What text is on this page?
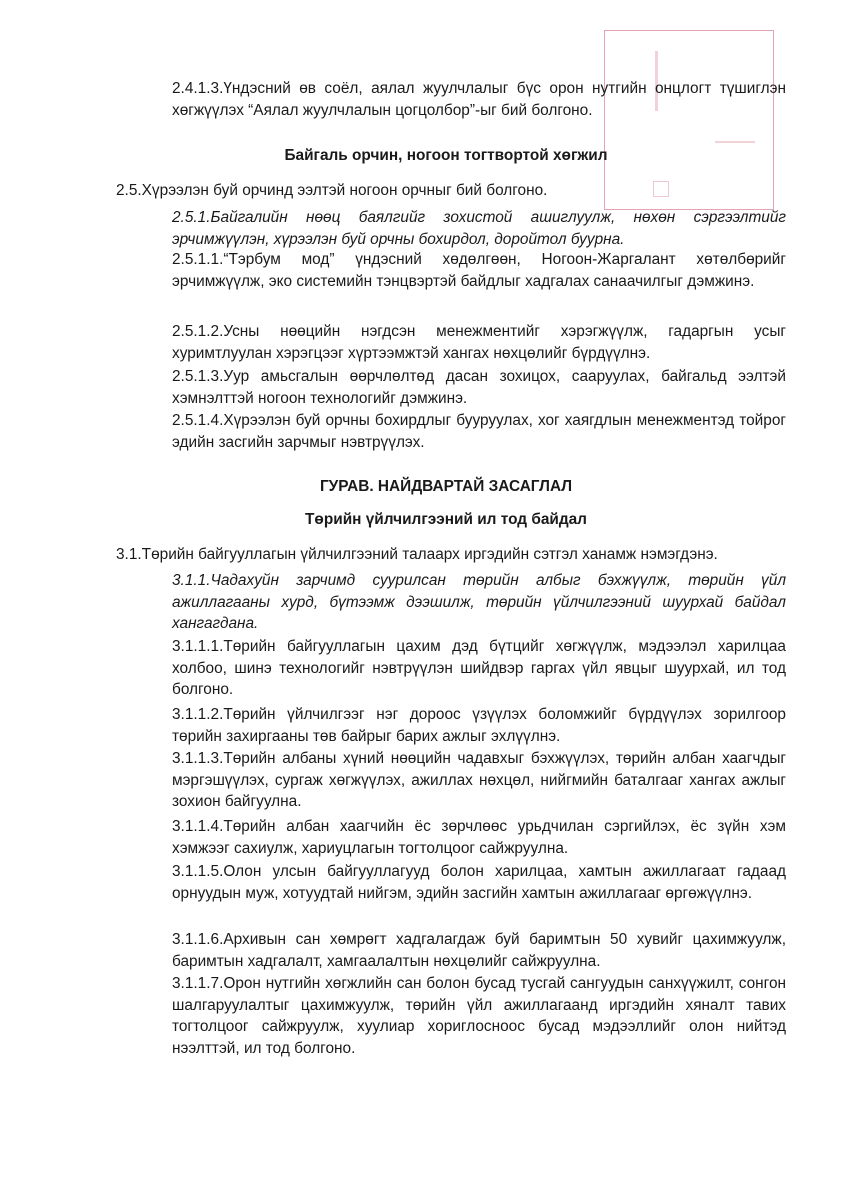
2.4.1.3.Үндэсний өв соёл, аялал жуулчлалыг бүс орон нутгийн онцлогт түшиглэн хөгжүүлэх “Аялал жуулчлалын цогцолбор”-ыг бий болгоно.
Байгаль орчин, ногоон тогтвортой хөгжил
2.5.Хүрээлэн буй орчинд ээлтэй ногоон орчныг бий болгоно.
2.5.1.Байгалийн нөөц баялгийг зохистой ашиглуулж, нөхөн сэргээлтийг эрчимжүүлэн, хүрээлэн буй орчны бохирдол, доройтол буурна.
2.5.1.1.“Тэрбум мод” үндэсний хөдөлгөөн, Ногоон-Жаргалант хөтөлбөрийг эрчимжүүлж, эко системийн тэнцвэртэй байдлыг хадгалах санаачилгыг дэмжинэ.
2.5.1.2.Усны нөөцийн нэгдсэн менежментийг хэрэгжүүлж, гадаргын усыг хуримтлуулан хэрэгцээг хүртээмжтэй хангах нөхцөлийг бүрдүүлнэ.
2.5.1.3.Уур амьсгалын өөрчлөлтөд дасан зохицох, сааруулах, байгальд ээлтэй хэмнэлттэй ногоон технологийг дэмжинэ.
2.5.1.4.Хүрээлэн буй орчны бохирдлыг бууруулах, хог хаягдлын менежментэд тойрог эдийн засгийн зарчмыг нэвтрүүлэх.
ГУРАВ. НАЙДВАРТАЙ ЗАСАГЛАЛ
Төрийн үйлчилгээний ил тод байдал
3.1.Төрийн байгууллагын үйлчилгээний талаарх иргэдийн сэтгэл ханамж нэмэгдэнэ.
3.1.1.Чадахуйн зарчимд суурилсан төрийн албыг бэхжүүлж, төрийн үйл ажиллагааны хурд, бүтээмж дээшилж, төрийн үйлчилгээний шуурхай байдал хангагдана.
3.1.1.1.Төрийн байгууллагын цахим дэд бүтцийг хөгжүүлж, мэдээлэл харилцаа холбоо, шинэ технологийг нэвтрүүлэн шийдвэр гаргах үйл явцыг шуурхай, ил тод болгоно.
3.1.1.2.Төрийн үйлчилгээг нэг дороос үзүүлэх боломжийг бүрдүүлэх зорилгоор төрийн захиргааны төв байрыг барих ажлыг эхлүүлнэ.
3.1.1.3.Төрийн албаны хүний нөөцийн чадавхыг бэхжүүлэх, төрийн албан хаагчдыг мэргэшүүлэх, сургаж хөгжүүлэх, ажиллах нөхцөл, нийгмийн баталгааг хангах ажлыг зохион байгуулна.
3.1.1.4.Төрийн албан хаагчийн ёс зөрчлөөс урьдчилан сэргийлэх, ёс зүйн хэм хэмжээг сахиулж, хариуцлагын тогтолцоог сайжруулна.
3.1.1.5.Олон улсын байгууллагууд болон харилцаа, хамтын ажиллагаат гадаад орнуудын муж, хотуудтай нийгэм, эдийн засгийн хамтын ажиллагааг өргөжүүлнэ.
3.1.1.6.Архивын сан хөмрөгт хадгалагдаж буй баримтын 50 хувийг цахимжуулж, баримтын хадгалалт, хамгаалалтын нөхцөлийг сайжруулна.
3.1.1.7.Орон нутгийн хөгжлийн сан болон бусад тусгай сангуудын санхүүжилт, сонгон шалгаруулалтыг цахимжуулж, төрийн үйл ажиллагаанд иргэдийн хяналт тавих тогтолцоог сайжруулж, хуулиар хориглосноос бусад мэдээллийг олон нийтэд нээлттэй, ил тод болгоно.
